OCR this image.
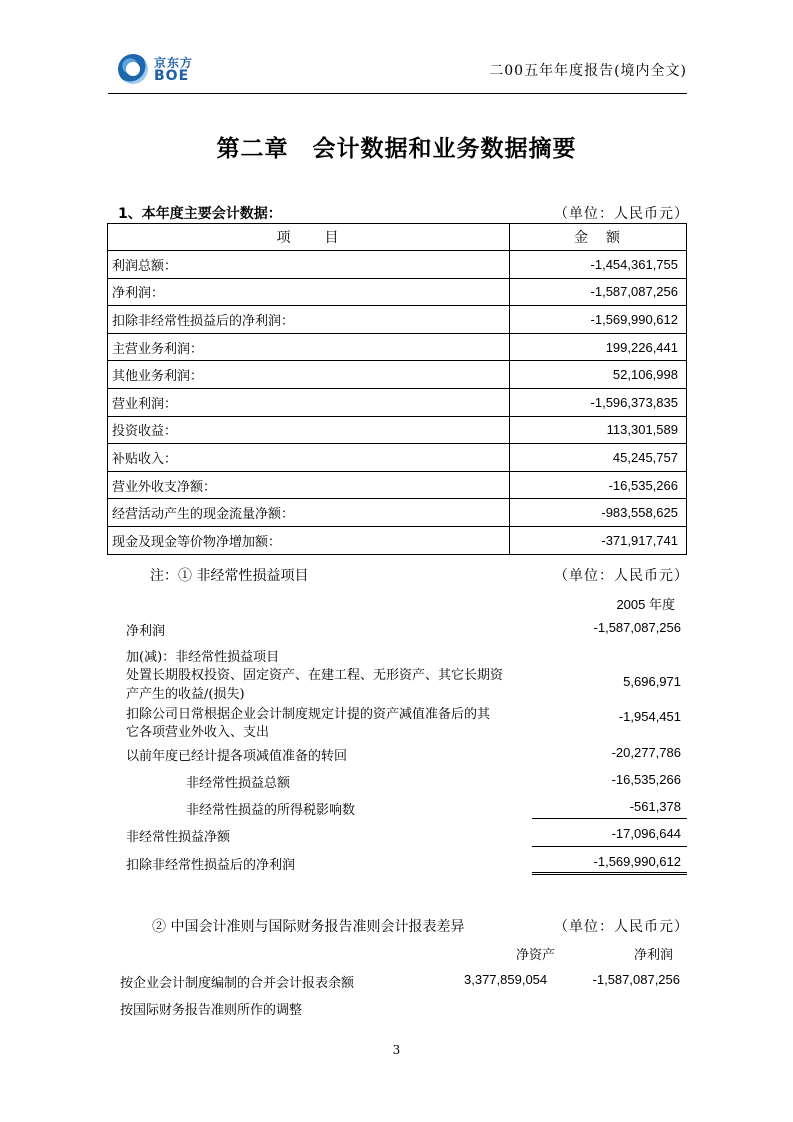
京东方
BOE	二00五年年度报告(境内全文)
第二章　会计数据和业务数据摘要
1、本年度主要会计数据：	（单位：人民币元）
项　　目	金　额
利润总额：	-1,454,361,755
净利润：	-1,587,087,256
扣除非经常性损益后的净利润：	-1,569,990,612
主营业务利润：	199,226,441
其他业务利润：	52,106,998
营业利润：	-1,596,373,835
投资收益：	113,301,589
补贴收入：	45,245,757
营业外收支净额：	-16,535,266
经营活动产生的现金流量净额：	-983,558,625
现金及现金等价物净增加额：	-371,917,741
注：① 非经常性损益项目	（单位：人民币元）
2005 年度
净利润	-1,587,087,256
加(减)：非经常性损益项目
处置长期股权投资、固定资产、在建工程、无形资产、其它长期资
产产生的收益/(损失)
5,696,971
扣除公司日常根据企业会计制度规定计提的资产减值准备后的其
它各项营业外收入、支出
-1,954,451
以前年度已经计提各项减值准备的转回	-20,277,786
非经常性损益总额	-16,535,266
非经常性损益的所得税影响数	-561,378
非经常性损益净额	-17,096,644
扣除非经常性损益后的净利润	-1,569,990,612
② 中国会计准则与国际财务报告准则会计报表差异	（单位：人民币元）
净资产	净利润
按企业会计制度编制的合并会计报表余额	3,377,859,054	-1,587,087,256
按国际财务报告准则所作的调整
3
